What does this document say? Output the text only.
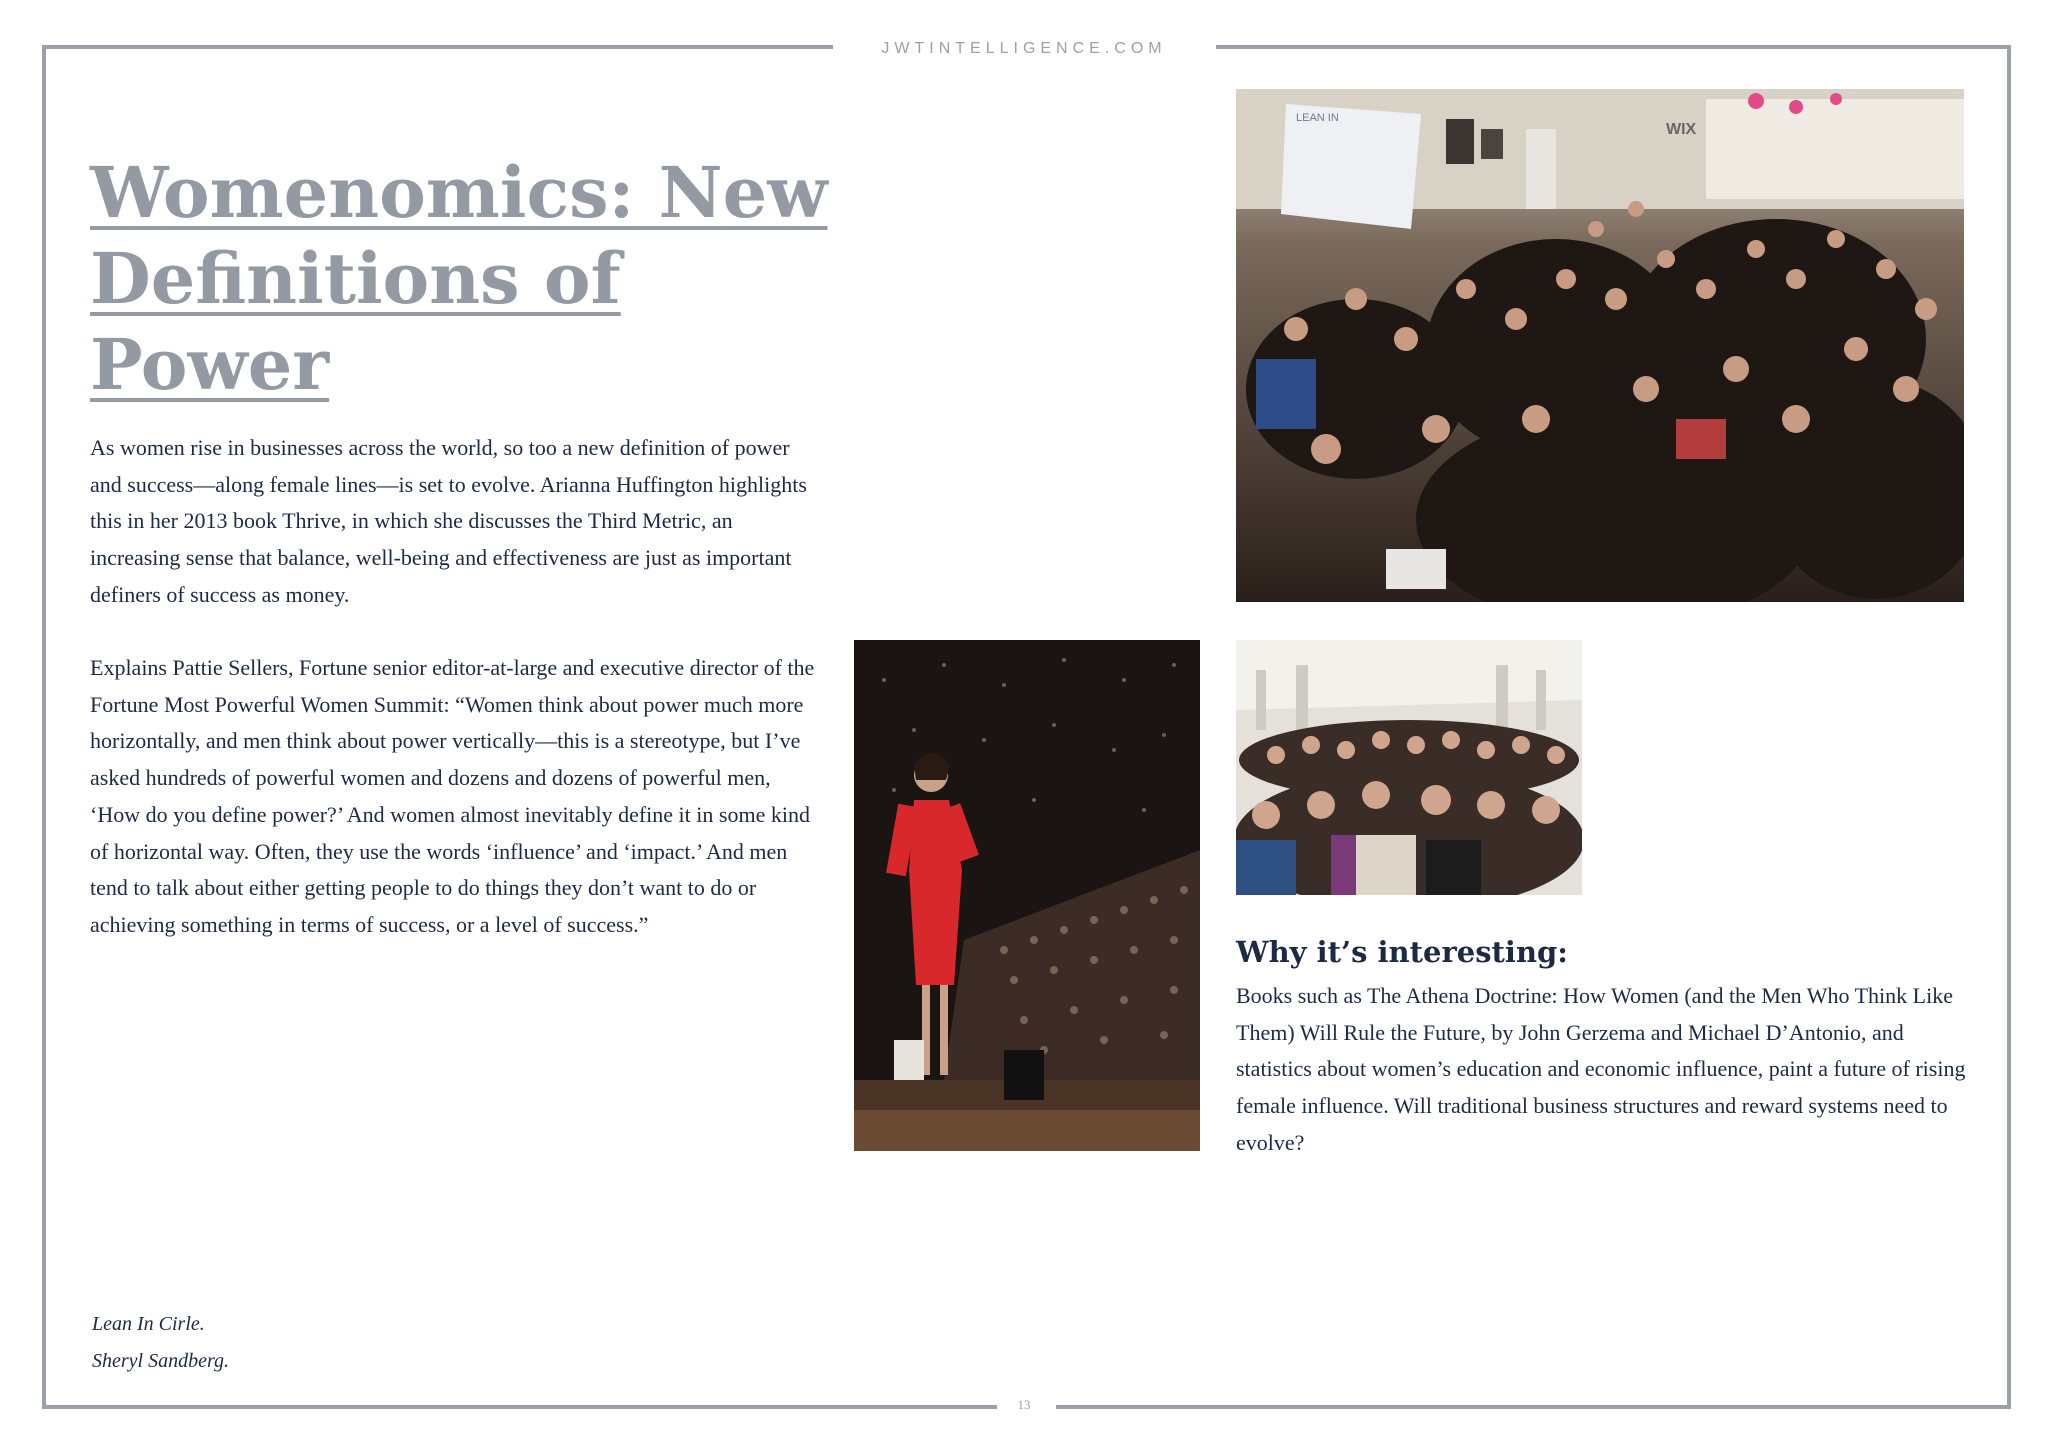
JWTINTELLIGENCE.COM
Womenomics: New
Definitions of Power

As women rise in businesses across the world, so too a new definition of power and success—along female lines—is set to evolve. Arianna Huffington highlights this in her 2013 book Thrive, in which she discusses the Third Metric, an increasing sense that balance, well-being and effectiveness are just as important definers of success as money.

Explains Pattie Sellers, Fortune senior editor-at-large and executive director of the Fortune Most Powerful Women Summit: “Women think about power much more horizontally, and men think about power vertically—this is a stereotype, but I’ve asked hundreds of powerful women and dozens and dozens of powerful men, ‘How do you define power?’ And women almost inevitably define it in some kind of horizontal way. Often, they use the words ‘influence’ and ‘impact.’ And men tend to talk about either getting people to do things they don’t want to do or achieving something in terms of success, or a level of success.”

LEAN IN
WIX
Why it’s interesting:

Books such as The Athena Doctrine: How Women (and the Men Who Think Like Them) Will Rule the Future, by John Gerzema and Michael D’Antonio, and statistics about women’s education and economic influence, paint a future of rising female influence. Will traditional business structures and reward systems need to evolve?

Lean In Cirle.

Sheryl Sandberg.

13
